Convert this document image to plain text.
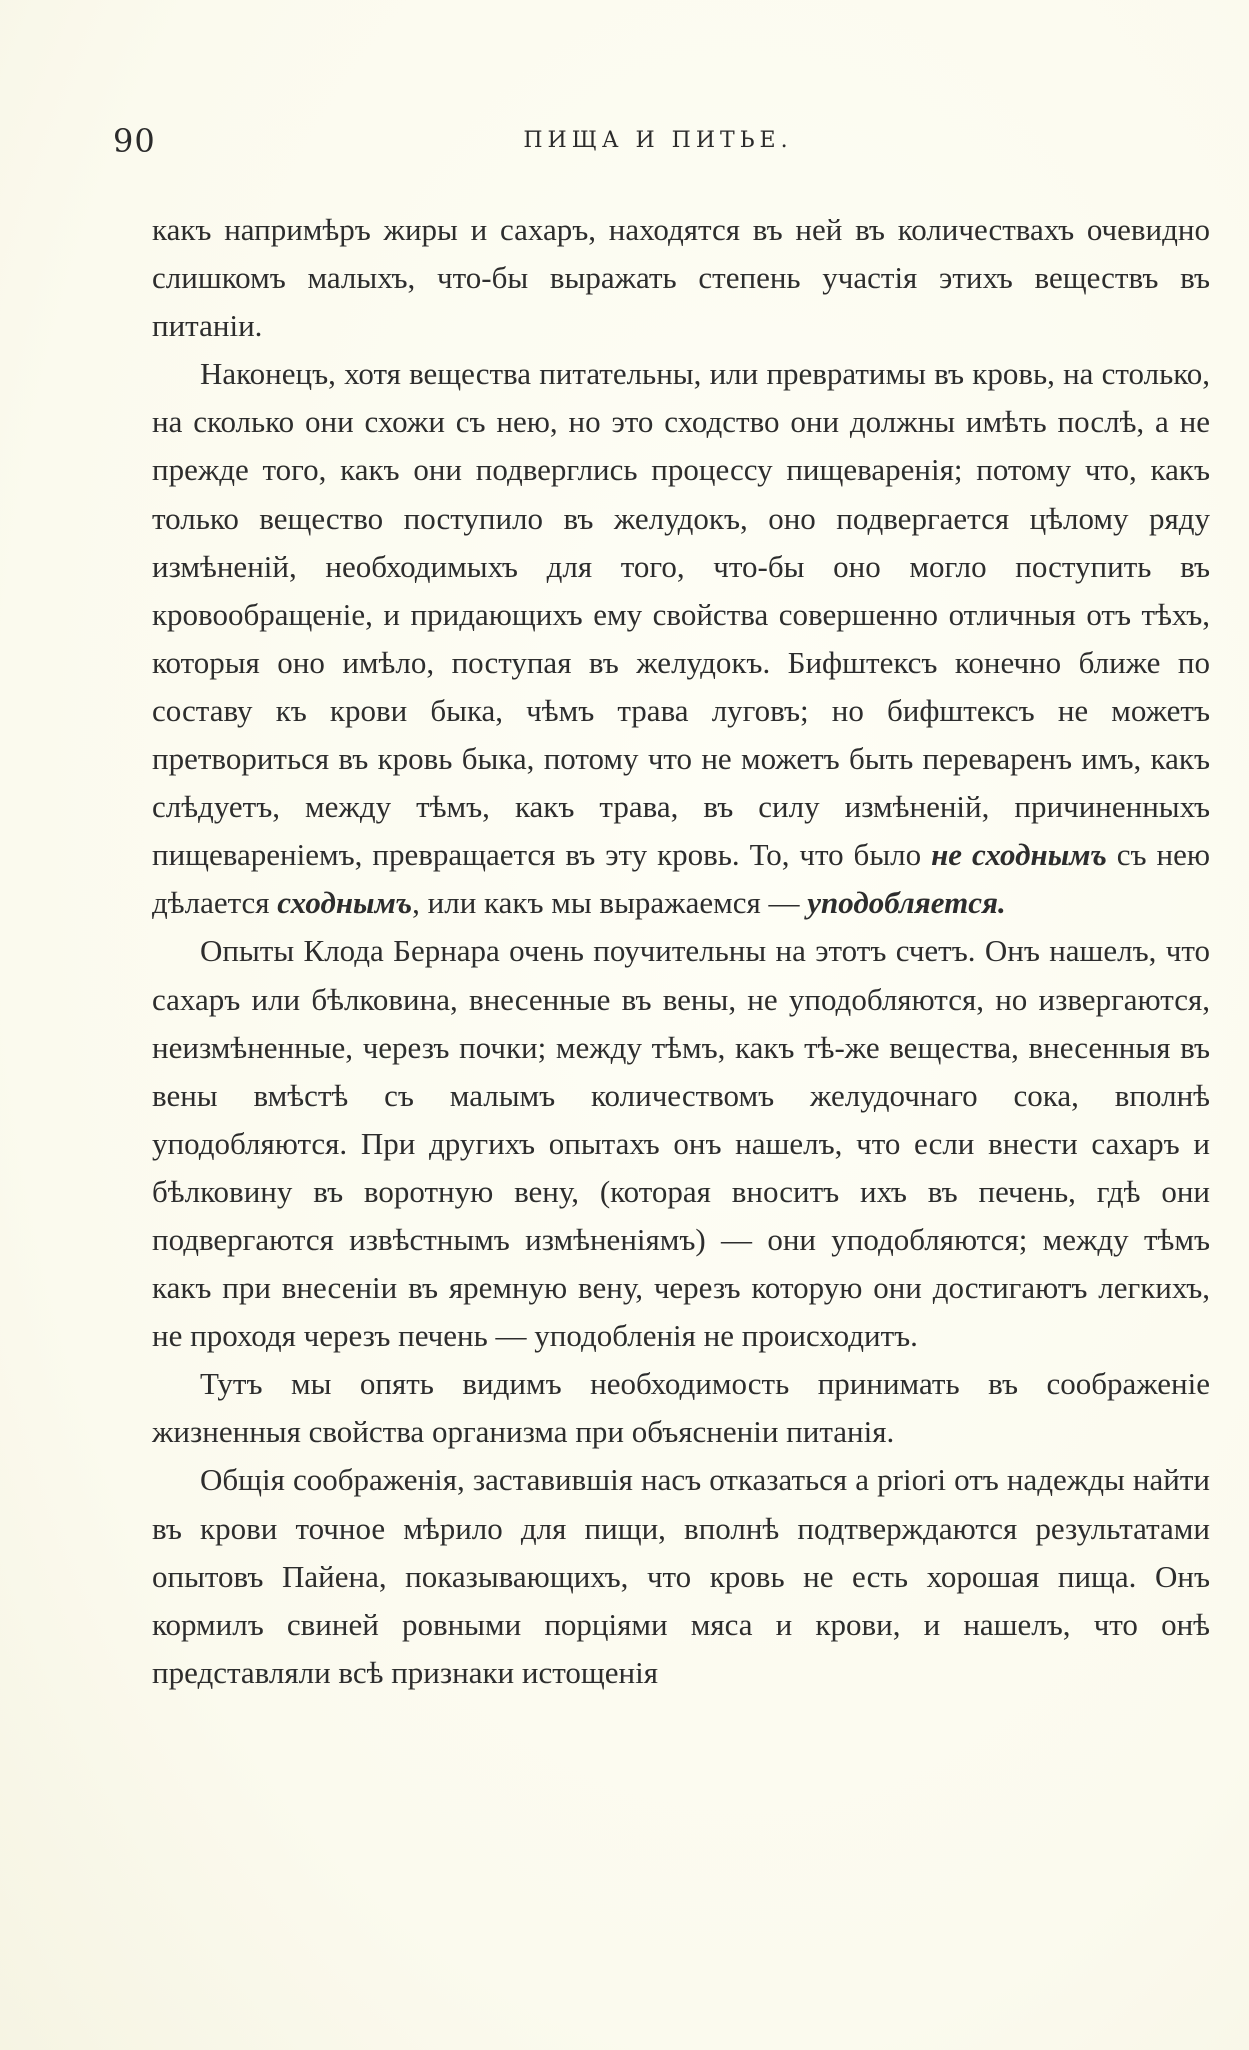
90	ПИЩА И ПИТЬЕ.

какъ напримѣръ жиры и сахаръ, находятся въ ней въ количествахъ очевидно слишкомъ малыхъ, что-бы выражать степень участія этихъ веществъ въ питаніи.

Наконецъ, хотя вещества питательны, или превратимы въ кровь, на столько, на сколько они схожи съ нею, но это сходство они должны имѣть послѣ, а не прежде того, какъ они подверглись процессу пищеваренія; потому что, какъ только вещество поступило въ желудокъ, оно подвергается цѣлому ряду измѣненій, необходимыхъ для того, что-бы оно могло поступить въ кровообращеніе, и придающихъ ему свойства совершенно отличныя отъ тѣхъ, которыя оно имѣло, поступая въ желудокъ. Бифштексъ конечно ближе по составу къ крови быка, чѣмъ трава луговъ; но бифштексъ не можетъ претвориться въ кровь быка, потому что не можетъ быть переваренъ имъ, какъ слѣдуетъ, между тѣмъ, какъ трава, въ силу измѣненій, причиненныхъ пищевареніемъ, превращается въ эту кровь. То, что было не сходнымъ съ нею дѣлается сходнымъ, или какъ мы выражаемся — уподобляется.

Опыты Клода Бернара очень поучительны на этотъ счетъ. Онъ нашелъ, что сахаръ или бѣлковина, внесенные въ вены, не уподобляются, но извергаются, неизмѣненные, черезъ почки; между тѣмъ, какъ тѣ-же вещества, внесенныя въ вены вмѣстѣ съ малымъ количествомъ желудочнаго сока, вполнѣ уподобляются. При другихъ опытахъ онъ нашелъ, что если внести сахаръ и бѣлковину въ воротную вену, (которая вноситъ ихъ въ печень, гдѣ они подвергаются извѣстнымъ измѣненіямъ) — они уподобляются; между тѣмъ какъ при внесеніи въ яремную вену, черезъ которую они достигаютъ легкихъ, не проходя черезъ печень — уподобленія не происходитъ.

Тутъ мы опять видимъ необходимость принимать въ соображеніе жизненныя свойства организма при объясненіи питанія.

Общія соображенія, заставившія насъ отказаться a priori отъ надежды найти въ крови точное мѣрило для пищи, вполнѣ подтверждаются результатами опытовъ Пайена, показывающихъ, что кровь не есть хорошая пища. Онъ кормилъ свиней ровными порціями мяса и крови, и нашелъ, что онѣ представляли всѣ признаки истощенія
